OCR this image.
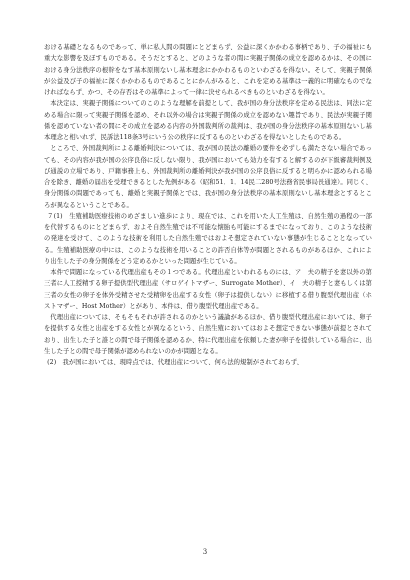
おける基礎となるものであって、単に私人間の問題にとどまらず、公益に深くかかわる事柄であり、子の福祉にも重大な影響を及ぼすものである。そうだとすると、どのような者の間に実親子関係の成立を認めるかは、その国における身分法秩序の根幹をなす基本原則ないし基本理念にかかわるものといわざるを得ない。そして、実親子関係が公益及び子の福祉に深くかかわるものであることにかんがみると、これを定める基準は一義的に明確なものでなければならず、かつ、その存否はその基準によって一律に決せられるべきものといわざるを得ない。

本決定は、実親子関係についてのこのような理解を前提として、我が国の身分法秩序を定める民法は、同法に定める場合に限って実親子関係を認め、それ以外の場合は実親子関係の成立を認めない趣旨であり、民法が実親子関係を認めていない者の間にその成立を認める内容の外国裁判所の裁判は、我が国の身分法秩序の基本原則ないし基本理念と相いれず、民訴法118条3号にいう公の秩序に反するものといわざるを得ないとしたものである。

ところで、外国裁判所による離婚判決については、我が国の民法の離婚の要件を必ずしも満たさない場合であっても、その内容が我が国の公序良俗に反しない限り、我が国においても効力を有すると解するのが下級審裁判例及び通説の立場であり、戸籍事務上も、外国裁判所の離婚判決が我が国の公序良俗に反すると明らかに認められる場合を除き、離婚の届出を受理できるとした先例がある（昭和51．1．14民二280号法務省民事局長通達）。同じく、身分関係の問題であっても、離婚と実親子関係とでは、我が国の身分法秩序の基本原則ないし基本理念とするところが異なるということである。

７(1)　生殖補助医療技術のめざましい進歩により、現在では、これを用いた人工生殖は、自然生殖の過程の一部を代替するものにとどまらず、およそ自然生殖では不可能な懐胎も可能にするまでになっており、このような技術の発達を受けて、このような技術を利用した自然生殖ではおよそ想定されていない事態が生じることとなっている。生殖補助医療の中には、このような技術を用いることの許否自体等が問題とされるものがあるほか、これにより出生した子の身分関係をどう定めるかといった問題が生じている。

本件で問題になっている代理出産もその１つである。代理出産といわれるものには、ア　夫の精子を妻以外の第三者に人工授精する卵子提供型代理出産（サロゲイトマザー、Surrogate Mother）、イ　夫の精子と妻もしくは第三者の女性の卵子を体外受精させた受精卵を出産する女性（卵子は提供しない）に移植する借り腹型代理出産（ホストマザー、Host Mother）とがあり、本件は、借り腹型代理出産である。

代理出産については、そもそもそれが許されるのかという議論があるほか、借り腹型代理出産においては、卵子を提供する女性と出産をする女性とが異なるという、自然生殖においてはおよそ想定できない事態が前提とされており、出生した子と誰との間で母子関係を認めるか、特に代理出産を依頼した妻が卵子を提供している場合に、出生した子との間で母子関係が認められないのかが問題となる。

(2)　我が国においては、現時点では、代理出産について、何ら法的規制がされておらず、

3
